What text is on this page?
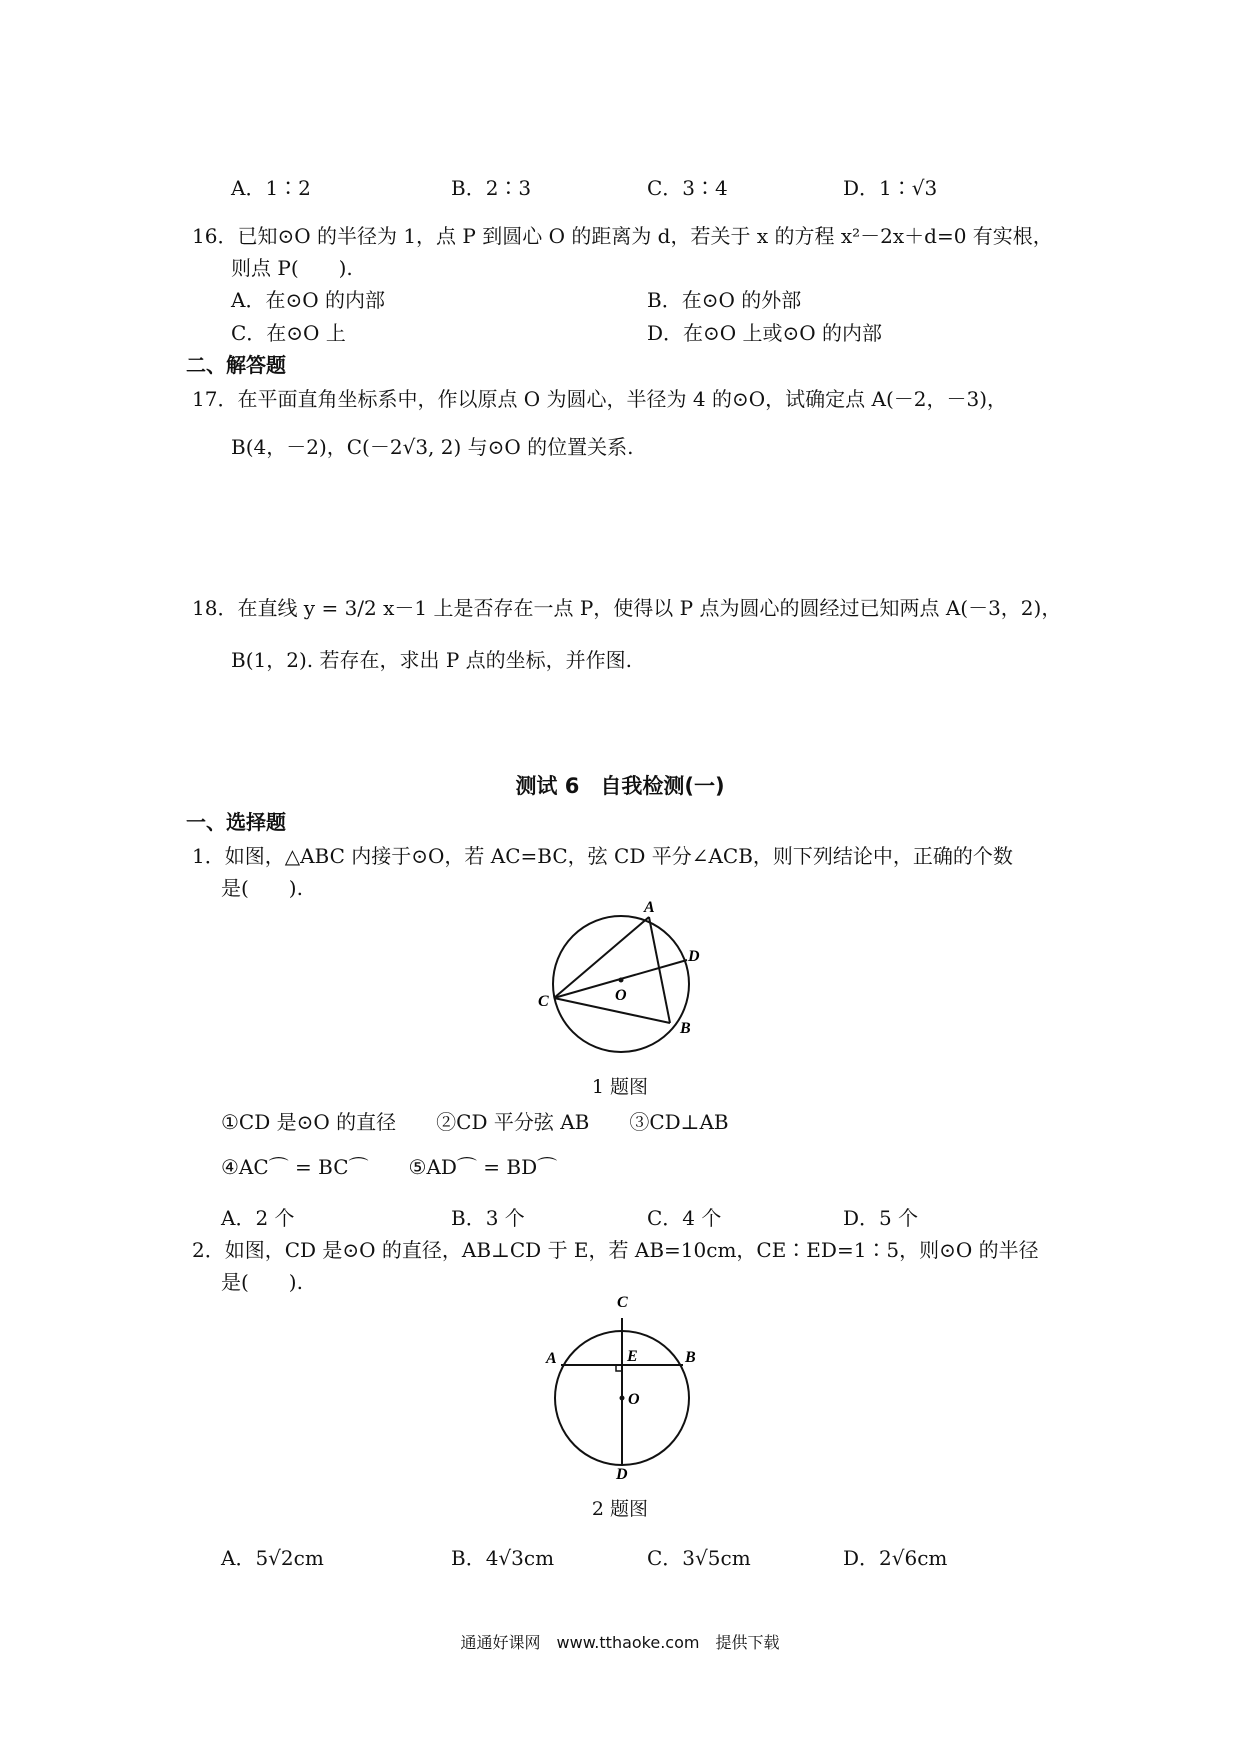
A．1∶2	B．2∶3	C．3∶4	D．1∶√3
16．已知⊙O 的半径为 1，点 P 到圆心 O 的距离为 d，若关于 x 的方程 x²－2x＋d=0 有实根，
则点 P(　　).
A．在⊙O 的内部	B．在⊙O 的外部
C．在⊙O 上	D．在⊙O 上或⊙O 的内部
二、解答题
17．在平面直角坐标系中，作以原点 O 为圆心，半径为 4 的⊙O，试确定点 A(－2，－3)，
B(4，－2)，C(－2√3, 2) 与⊙O 的位置关系.
18．在直线 y = 3/2 x－1 上是否存在一点 P，使得以 P 点为圆心的圆经过已知两点 A(－3，2)，
B(1，2). 若存在，求出 P 点的坐标，并作图.
测试 6　自我检测(一)
一、选择题
1．如图，△ABC 内接于⊙O，若 AC=BC，弦 CD 平分∠ACB，则下列结论中，正确的个数
是(　　).
A
D
O
C
B
1 题图
①CD 是⊙O 的直径　　②CD 平分弦 AB　　③CD⊥AB
④AC⌒ = BC⌒　　⑤AD⌒ = BD⌒
A．2 个	B．3 个	C．4 个	D．5 个
2．如图，CD 是⊙O 的直径，AB⊥CD 于 E，若 AB=10cm，CE∶ED=1∶5，则⊙O 的半径
是(　　).
C
A	E	B
O
D
2 题图
A．5√2cm	B．4√3cm	C．3√5cm	D．2√6cm
通通好课网　www.tthaoke.com　提供下载
